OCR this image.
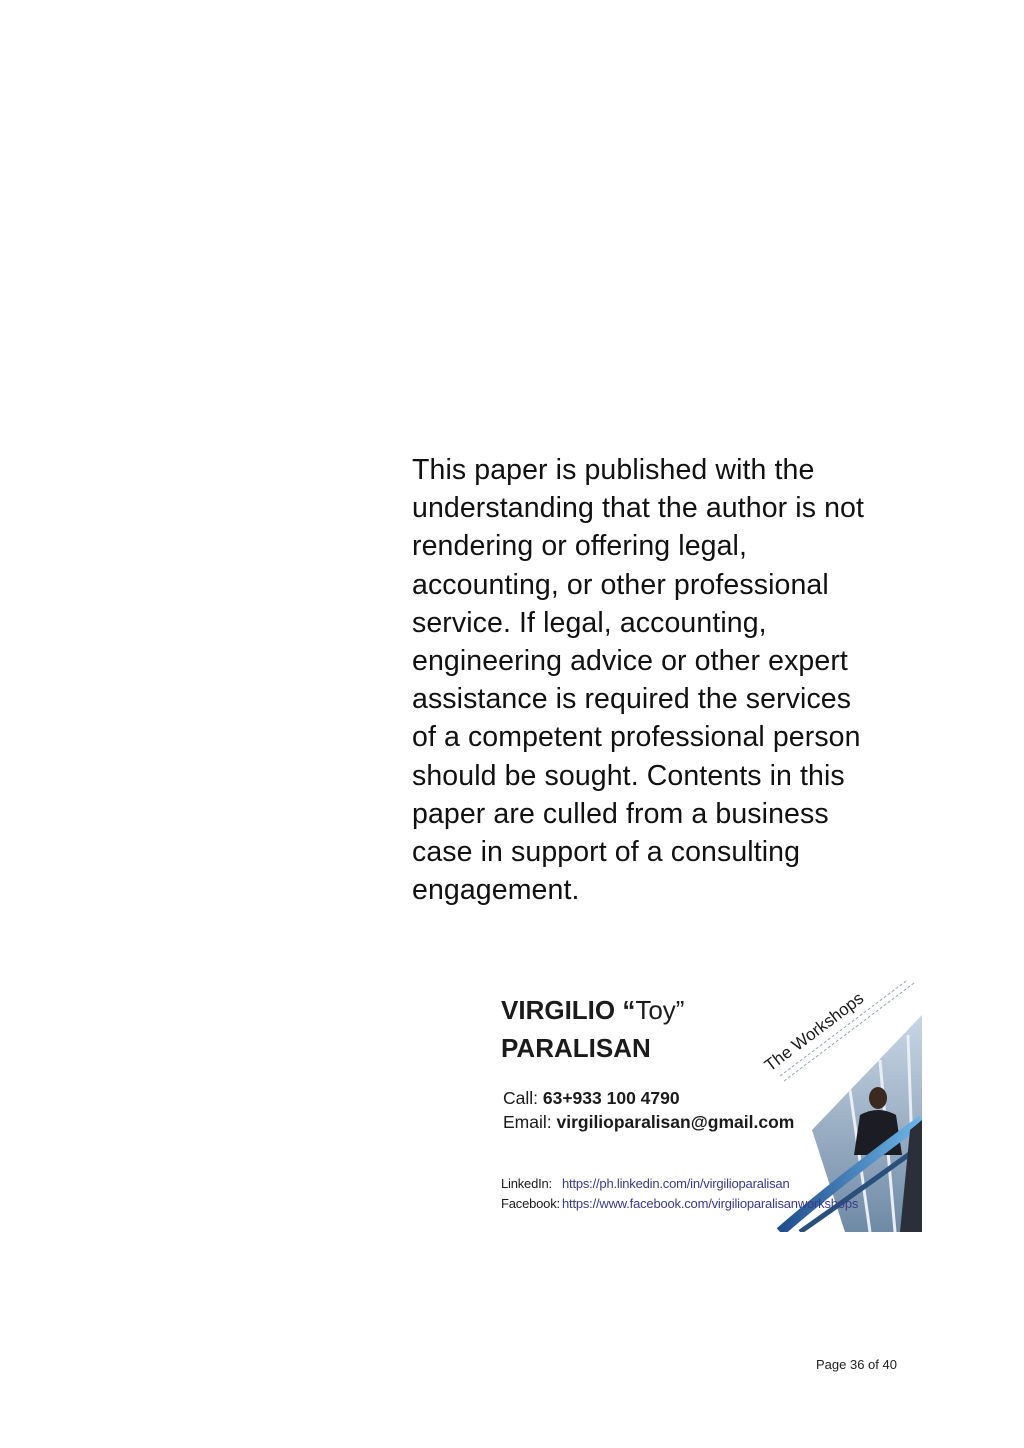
This paper is published with the
understanding that the author is not
rendering or offering legal,
accounting, or other professional
service. If legal, accounting,
engineering advice or other expert
assistance is required the services
of a competent professional person
should be sought. Contents in this
paper are culled from a business
case in support of a consulting
engagement.
VIRGILIO “Toy”
PARALISAN
Call: 63+933 100 4790
Email: virgilioparalisan@gmail.com
The Workshops
LinkedIn: https://ph.linkedin.com/in/virgilioparalisan
Facebook: https://www.facebook.com/virgilioparalisanworkshops
Page 36 of 40
